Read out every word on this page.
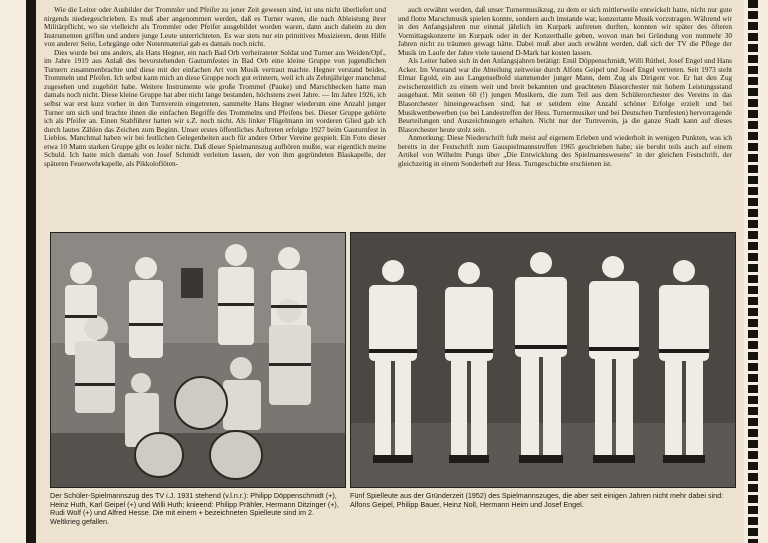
Wie die Leiter oder Ausbilder der Trommler und Pfeifer zu jener Zeit gewesen sind, ist uns nicht überliefert und nirgends niedergeschrieben. Es muß aber angenommen werden, daß es Turner waren, die nach Ableistung ihrer Militärpflicht, wo sie vielleicht als Trommler oder Pfeifer ausgebildet worden waren, dann auch daheim zu den Instrumenten griffen und andere junge Leute unterrichteten. Es war stets nur ein primitives Musizieren, denn Hilfe von anderer Seite, Lehrgänge oder Notenmaterial gab es damals noch nicht.

Dies wurde bei uns anders, als Hans Hegner, ein nach Bad Orb verheirateter Soldat und Turner aus Weiden/Opf., im Jahre 1919 aus Anlaß des bevorstehenden Gauturnfestes in Bad Orb eine kleine Gruppe von jugendlichen Turnern zusammenbrachte und diese mit der einfachen Art von Musik vertraut machte. Hegner verstand beides, Trommeln und Pfeifen. Ich selbst kann mich an diese Gruppe noch gut erinnern, weil ich als Zehnjähriger manchmal zugesehen und zugehört habe. Weitere Instrumente wie große Trommel (Pauke) und Marschbecken hatte man damals noch nicht. Diese kleine Gruppe hat aber nicht lange bestanden, höchstens zwei Jahre. — Im Jahre 1926, ich selbst war erst kurz vorher in den Turnverein eingetreten, sammelte Hans Hegner wiederum eine Anzahl junger Turner um sich und brachte ihnen die einfachen Begriffe des Trommelns und Pfeifens bei. Dieser Gruppe gehörte ich als Pfeifer an. Einen Stabführer hatten wir s.Z. noch nicht. Als linker Flügelmann im vorderen Glied gab ich durch lautes Zählen das Zeichen zum Beginn. Unser erstes öffentliches Auftreten erfolgte 1927 beim Gauturnfest in Lieblos. Manchmal haben wir bei festlichen Gelegenheiten auch für andere Orber Vereine gespielt. Ein Foto dieser etwa 10 Mann starken Gruppe gibt es leider nicht. Daß dieser Spielmannszug aufhören mußte, war eigentlich meine Schuld. Ich hatte mich damals von Josef Schmidt verleiten lassen, der von ihm gegründeten Blaskapelle, der späteren Feuerwehrkapelle, als Pikkoloflöten-

auch erwähnt werden, daß unser Turnermusikzug, zu dem er sich mittlerweile entwickelt hatte, nicht nur gute und flotte Marschmusik spielen konnte, sondern auch imstande war, konzertante Musik vorzutragen. Während wir in den Anfangsjahren nur einmal jährlich im Kurpark auftreten durften, konnten wir später des öfteren Vormittagskonzerte im Kurpark oder in der Konzerthalle geben, wovon man bei Gründung von nunmehr 30 Jahren nicht zu träumen gewagt hätte. Dabei muß aber auch erwähnt werden, daß sich der TV die Pflege der Musik im Laufe der Jahre viele tausend D-Mark hat kosten lassen.

Als Leiter haben sich in den Anfangsjahren betätigt: Emil Döppenschmidt, Willi Rüthel, Josef Engel und Hans Acker. Im Vorstand war die Abteilung zeitweise durch Alfons Geipel und Josef Engel vertreten. Seit 1973 steht Elmar Egold, ein aus Langenselbold stammender junger Mann, dem Zug als Dirigent vor. Er hat den Zug zwischenzeitlich zu einem weit und breit bekannten und geachteten Blasorchester mit hohem Leistungsstand ausgebaut. Mit seinen 60 (!) jungen Musikern, die zum Teil aus dem Schülerorchester des Vereins in das Blasorchester hineingewachsen sind, hat er seitdem eine Anzahl schöner Erfolge erzielt und bei Musikwettbewerben (so bei Landestreffen der Hess. Turnermusiker und bei Deutschen Turnfesten) hervorragende Beurteilungen und Auszeichnungen erhalten. Nicht nur der Turnverein, ja die ganze Stadt kann auf dieses Blasorchester heute stolz sein.

Anmerkung: Diese Niederschrift fußt meist auf eigenem Erleben und wiederholt in wenigen Punkten, was ich bereits in der Festschrift zum Gauspielmannstreffen 1965 geschrieben habe; sie beruht teils auch auf einem Artikel von Wilhelm Pungs über „Die Entwicklung des Spielmannswesens" in der gleichen Festschrift, der gleichzeitig in einem Sonderheft zur Hess. Turngeschichte erschienen ist.

Der Schüler-Spielmannszug des TV i.J. 1931 stehend (v.l.n.r.): Philipp Döppenschmidt (+), Heinz Huth, Karl Geipel (+) und Willi Huth; knieend: Philipp Prähler, Hermann Ditzinger (+), Rudi Wolf (+) und Alfred Hesse. Die mit einem + bezeichneten Spielleute sind im 2. Weltkrieg gefallen.
Fünf Spielleute aus der Gründerzeit (1952) des Spielmannszuges, die aber seit einigen Jahren nicht mehr dabei sind: Alfons Geipel, Philipp Bauer, Heinz Noll, Hermann Heim und Josef Engel.
